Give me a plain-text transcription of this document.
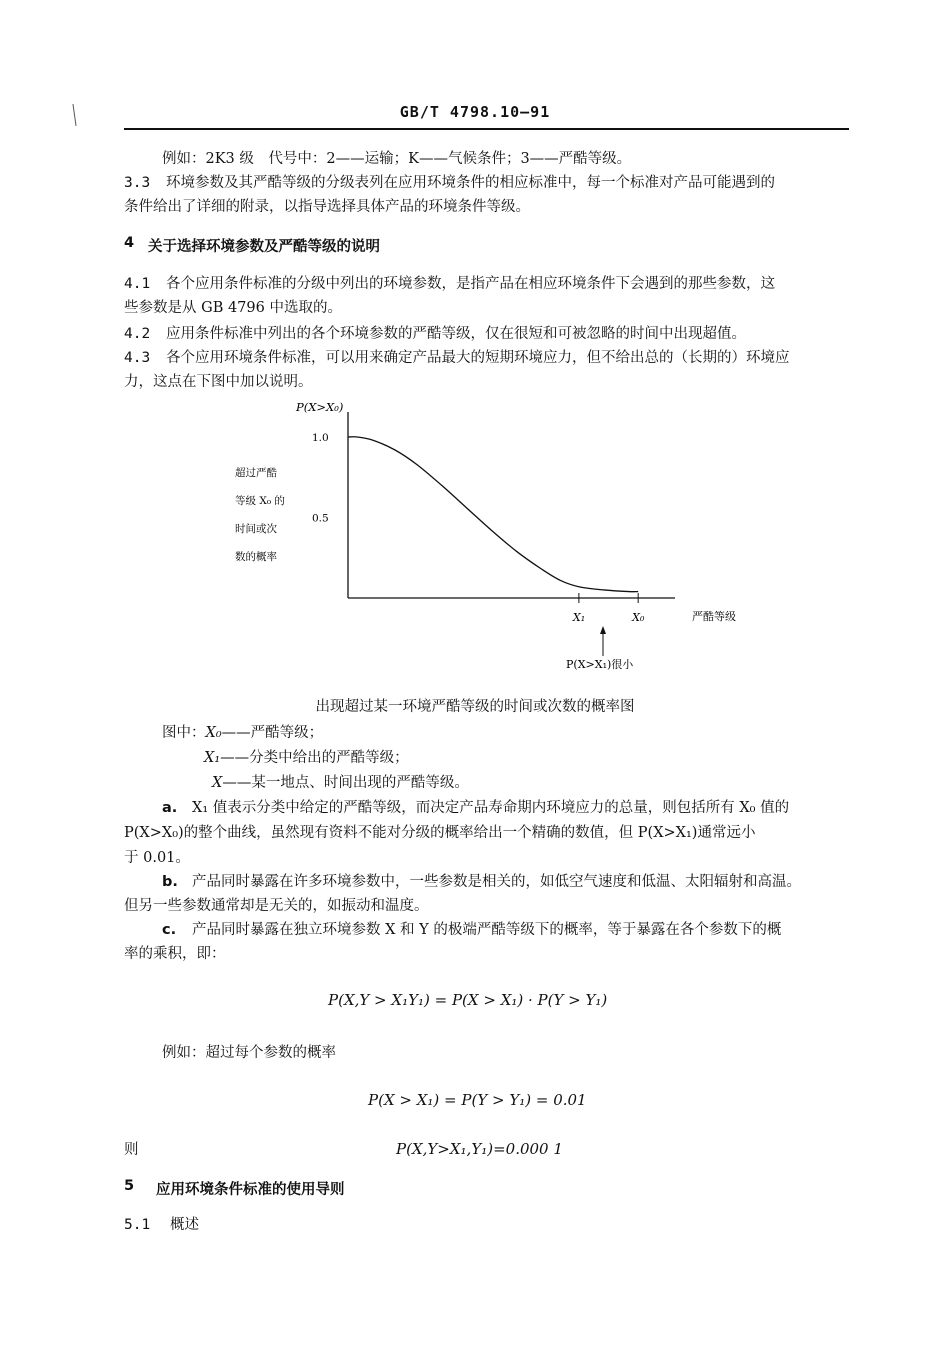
GB/T 4798.10—91
例如：2K3 级　代号中：2——运输；K——气候条件；3——严酷等级。
3.3 环境参数及其严酷等级的分级表列在应用环境条件的相应标准中，每一个标准对产品可能遇到的
条件给出了详细的附录，以指导选择具体产品的环境条件等级。
4 关于选择环境参数及严酷等级的说明
4.1 各个应用条件标准的分级中列出的环境参数，是指产品在相应环境条件下会遇到的那些参数，这
些参数是从 GB 4796 中选取的。
4.2 应用条件标准中列出的各个环境参数的严酷等级，仅在很短和可被忽略的时间中出现超值。
4.3 各个应用环境条件标准，可以用来确定产品最大的短期环境应力，但不给出总的（长期的）环境应
力，这点在下图中加以说明。
P(X>X₀)
超过严酷
等级 X₀ 的
时间或次
数的概率
1.0
0.5
X₁	X₀	严酷等级
P(X>X₁)很小
出现超过某一环境严酷等级的时间或次数的概率图
图中：X₀——严酷等级；
X₁——分类中给出的严酷等级；
X——某一地点、时间出现的严酷等级。
a. X₁ 值表示分类中给定的严酷等级，而决定产品寿命期内环境应力的总量，则包括所有 X₀ 值的
P(X>X₀)的整个曲线，虽然现有资料不能对分级的概率给出一个精确的数值，但 P(X>X₁)通常远小
于 0.01。
b. 产品同时暴露在许多环境参数中，一些参数是相关的，如低空气速度和低温、太阳辐射和高温。
但另一些参数通常却是无关的，如振动和温度。
c. 产品同时暴露在独立环境参数 X 和 Y 的极端严酷等级下的概率，等于暴露在各个参数下的概
率的乘积，即：
P(X,Y > X₁Y₁) = P(X > X₁) · P(Y > Y₁)
例如：超过每个参数的概率
P(X > X₁) = P(Y > Y₁) = 0.01
则	P(X,Y>X₁,Y₁)=0.000 1
5 应用环境条件标准的使用导则
5.1 概述
